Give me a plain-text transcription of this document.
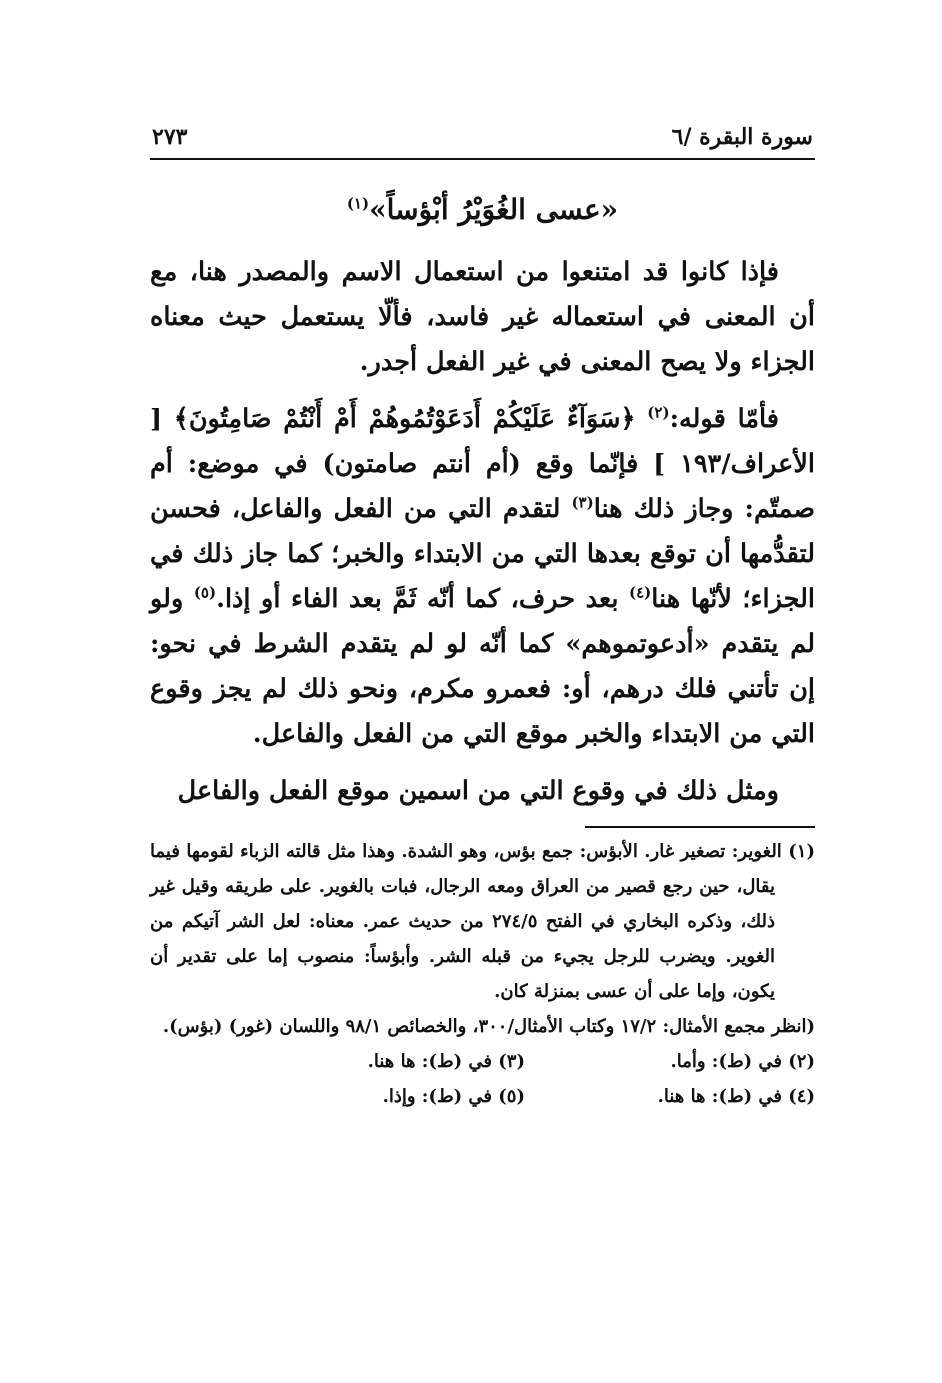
سورة البقرة /٦
٢٧٣
«عسى الغُوَيْرُ أبْؤساً»$^{(١)}$

فإذا كانوا قد امتنعوا من استعمال الاسم والمصدر هنا، مع أن المعنى في استعماله غير فاسد، فألّا يستعمل حيث معناه الجزاء ولا يصح المعنى في غير الفعل أجدر.

فأمّا قوله:$^{(٢)}$ ﴿سَوَآءٌ عَلَيْكُمْ أَدَعَوْتُمُوهُمْ أَمْ أَنْتُمْ صَامِتُونَ﴾ [ الأعراف/١٩٣ ] فإنّما وقع (أم أنتم صامتون) في موضع: أم صمتّم: وجاز ذلك هنا$^{(٣)}$ لتقدم التي من الفعل والفاعل، فحسن لتقدُّمها أن توقع بعدها التي من الابتداء والخبر؛ كما جاز ذلك في الجزاء؛ لأنّها هنا$^{(٤)}$ بعد حرف، كما أنّه ثَمَّ بعد الفاء أو إذا.$^{(٥)}$ ولو لم يتقدم «أدعوتموهم» كما أنّه لو لم يتقدم الشرط في نحو: إن تأتني فلك درهم، أو: فعمرو مكرم، ونحو ذلك لم يجز وقوع التي من الابتداء والخبر موقع التي من الفعل والفاعل.

ومثل ذلك في وقوع التي من اسمين موقع الفعل والفاعل

(١) الغوير: تصغير غار. الأبؤس: جمع بؤس، وهو الشدة. وهذا مثل قالته الزباء لقومها فيما يقال، حين رجع قصير من العراق ومعه الرجال، فبات بالغوير. على طريقه وقيل غير ذلك، وذكره البخاري في الفتح ٢٧٤/٥ من حديث عمر. معناه: لعل الشر آتيكم من الغوير. ويضرب للرجل يجيء من قبله الشر. وأبؤساً: منصوب إما على تقدير أن يكون، وإما على أن عسى بمنزلة كان.

(انظر مجمع الأمثال: ١٧/٢ وكتاب الأمثال/٣٠٠، والخصائص ٩٨/١ واللسان (غور) (بؤس).

(٢) في (ط): وأما.
(٣) في (ط): ها هنا.
(٤) في (ط): ها هنا.
(٥) في (ط): وإذا.
